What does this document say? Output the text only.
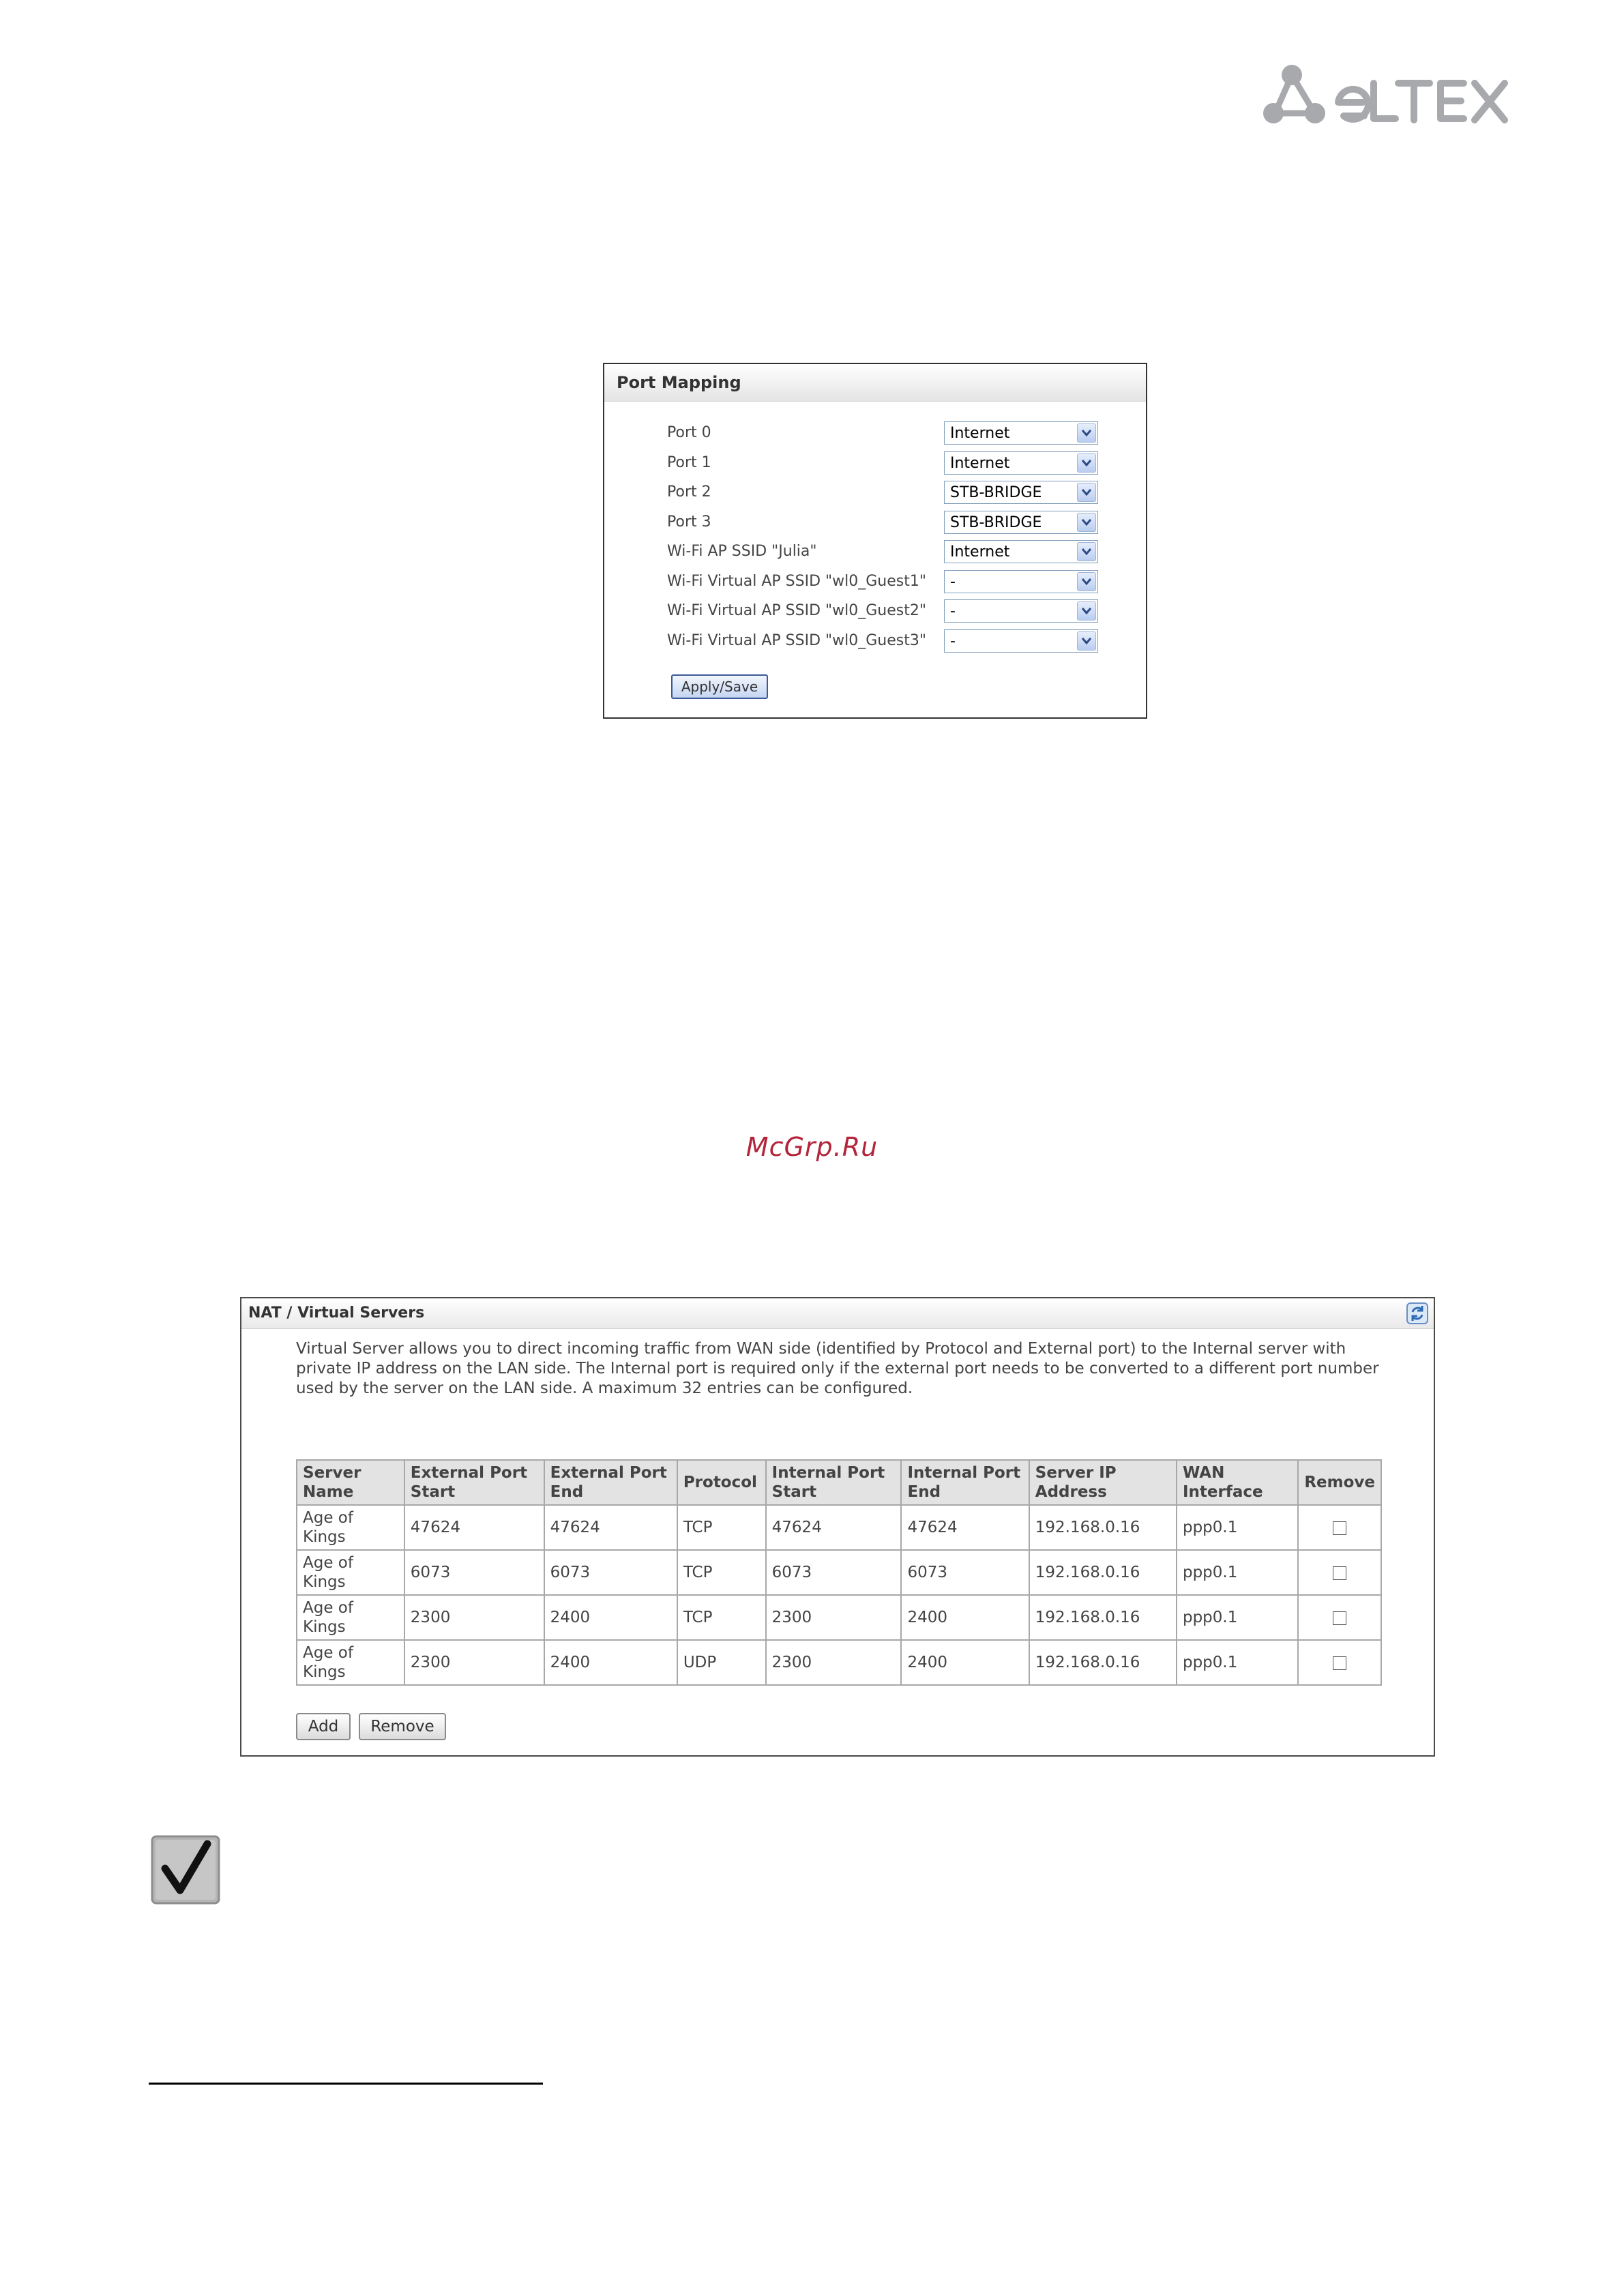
Port Mapping
Port 0	Internet
Port 1	Internet
Port 2	STB-BRIDGE
Port 3	STB-BRIDGE
Wi-Fi AP SSID "Julia"	Internet
Wi-Fi Virtual AP SSID "wl0_Guest1" -
Wi-Fi Virtual AP SSID "wl0_Guest2" -
Wi-Fi Virtual AP SSID "wl0_Guest3" -
Apply/Save
McGrp.Ru
NAT / Virtual Servers
Virtual Server allows you to direct incoming traffic from WAN side (identified by Protocol and External port) to the Internal server with private IP address on the LAN side. The Internal port is required only if the external port needs to be converted to a different port number used by the server on the LAN side. A maximum 32 entries can be configured.
Server Name	External Port Start	External Port End	Protocol	Internal Port Start	Internal Port End	Server IP Address	WAN Interface	Remove
Age of Kings	47624	47624	TCP	47624	47624	192.168.0.16	ppp0.1	
Age of Kings	6073	6073	TCP	6073	6073	192.168.0.16	ppp0.1	
Age of Kings	2300	2400	TCP	2300	2400	192.168.0.16	ppp0.1	
Age of Kings	2300	2400	UDP	2300	2400	192.168.0.16	ppp0.1	
Add	Remove
